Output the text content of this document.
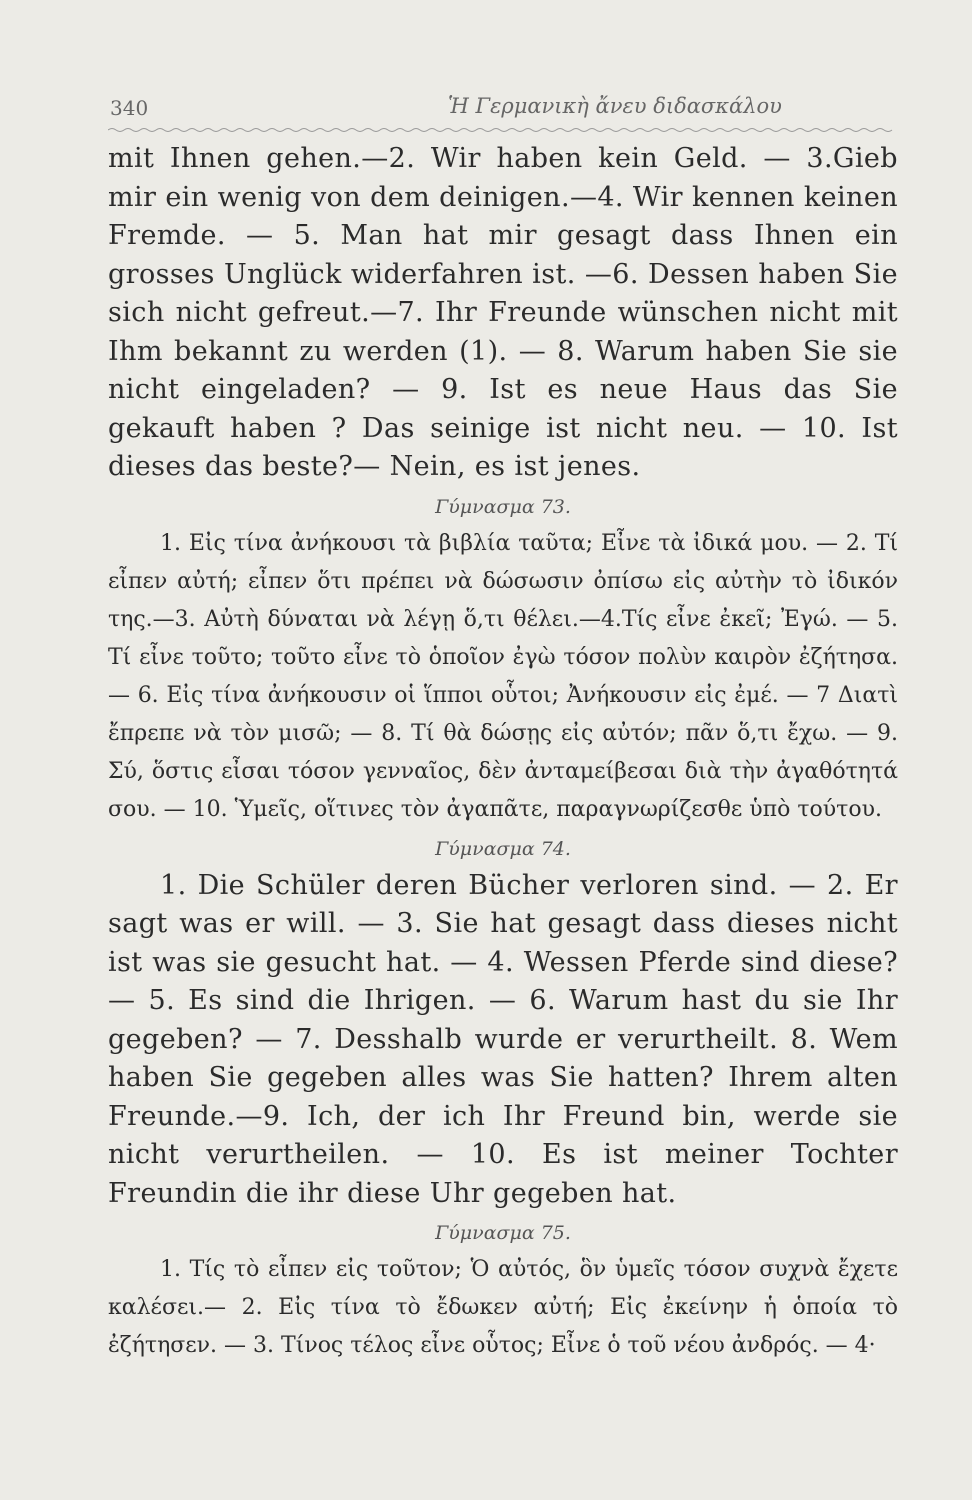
340	Ἡ Γερμανικὴ ἄνευ διδασκάλου

mit Ihnen gehen.—2. Wir haben kein Geld. — 3.Gieb mir ein wenig von dem deinigen.—4. Wir kennen keinen Fremde. — 5. Man hat mir gesagt dass Ihnen ein grosses Unglück widerfahren ist. —6. Dessen haben Sie sich nicht gefreut.—7. Ihr Freunde wünschen nicht mit Ihm bekannt zu werden (1). — 8. Warum haben Sie sie nicht eingeladen? — 9. Ist es neue Haus das Sie gekauft haben ? Das seinige ist nicht neu. — 10. Ist dieses das beste?— Nein, es ist jenes.

Γύμνασμα 73.

1. Εἰς τίνα ἀνήκουσι τὰ βιβλία ταῦτα; Εἶνε τὰ ἰδικά μου. — 2. Τί εἶπεν αὐτή; εἶπεν ὅτι πρέπει νὰ δώσωσιν ὀπίσω εἰς αὐτὴν τὸ ἰδικόν της.—3. Αὐτὴ δύναται νὰ λέγῃ ὅ,τι θέλει.—4.Τίς εἶνε ἐκεῖ; Ἐγώ. — 5. Τί εἶνε τοῦτο; τοῦτο εἶνε τὸ ὁποῖον ἐγὼ τόσον πολὺν καιρὸν ἐζήτησα. — 6. Εἰς τίνα ἀνήκουσιν οἱ ἵπποι οὗτοι; Ἀνήκουσιν εἰς ἐμέ. — 7 Διατὶ ἔπρεπε νὰ τὸν μισῶ; — 8. Τί θὰ δώσῃς εἰς αὐτόν; πᾶν ὅ,τι ἔχω. — 9. Σύ, ὅστις εἶσαι τόσον γενναῖος, δὲν ἀνταμείβεσαι διὰ τὴν ἀγαθότητά σου. — 10. Ὑμεῖς, οἵτινες τὸν ἀγαπᾶτε, παραγνωρίζεσθε ὑπὸ τούτου.

Γύμνασμα 74.

1. Die Schüler deren Bücher verloren sind. — 2. Er sagt was er will. — 3. Sie hat gesagt dass dieses nicht ist was sie gesucht hat. — 4. Wessen Pferde sind diese? — 5. Es sind die Ihrigen. — 6. Warum hast du sie Ihr gegeben? — 7. Desshalb wurde er verurtheilt. 8. Wem haben Sie gegeben alles was Sie hatten? Ihrem alten Freunde.—9. Ich, der ich Ihr Freund bin, werde sie nicht verurtheilen. — 10. Es ist meiner Tochter Freundin die ihr diese Uhr gegeben hat.

Γύμνασμα 75.

1. Τίς τὸ εἶπεν εἰς τοῦτον; Ὁ αὐτός, ὃν ὑμεῖς τόσον συχνὰ ἔχετε καλέσει.— 2. Εἰς τίνα τὸ ἔδωκεν αὐτή; Εἰς ἐκείνην ἡ ὁποία τὸ ἐζήτησεν. — 3. Τίνος τέλος εἶνε οὗτος; Εἶνε ὁ τοῦ νέου ἀνδρός. — 4·
